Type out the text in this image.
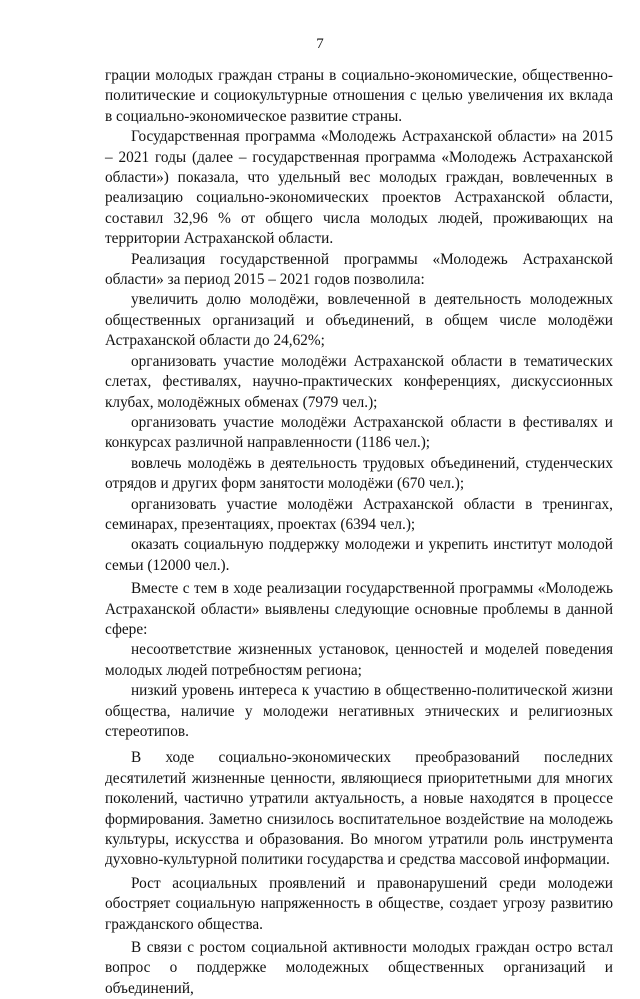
7

грации молодых граждан страны в социально-экономические, общественно-политические и социокультурные отношения с целью увеличения их вклада в социально-экономическое развитие страны.

Государственная программа «Молодежь Астраханской области» на 2015 – 2021 годы (далее – государственная программа «Молодежь Астраханской области») показала, что удельный вес молодых граждан, вовлеченных в реализацию социально-экономических проектов Астраханской области, составил 32,96 % от общего числа молодых людей, проживающих на территории Астраханской области.

Реализация государственной программы «Молодежь Астраханской области» за период 2015 – 2021 годов позволила:

увеличить долю молодёжи, вовлеченной в деятельность молодежных общественных организаций и объединений, в общем числе молодёжи Астраханской области до 24,62%;

организовать участие молодёжи Астраханской области в тематических слетах, фестивалях, научно-практических конференциях, дискуссионных клубах, молодёжных обменах (7979 чел.);

организовать участие молодёжи Астраханской области в фестивалях и конкурсах различной направленности (1186 чел.);

вовлечь молодёжь в деятельность трудовых объединений, студенческих отрядов и других форм занятости молодёжи (670 чел.);

организовать участие молодёжи Астраханской области в тренингах, семинарах, презентациях, проектах (6394 чел.);

оказать социальную поддержку молодежи и укрепить институт молодой семьи (12000 чел.).

Вместе с тем в ходе реализации государственной программы «Молодежь Астраханской области» выявлены следующие основные проблемы в данной сфере:

несоответствие жизненных установок, ценностей и моделей поведения молодых людей потребностям региона;

низкий уровень интереса к участию в общественно-политической жизни общества, наличие у молодежи негативных этнических и религиозных стереотипов.

В ходе социально-экономических преобразований последних десятилетий жизненные ценности, являющиеся приоритетными для многих поколений, частично утратили актуальность, а новые находятся в процессе формирования. Заметно снизилось воспитательное воздействие на молодежь культуры, искусства и образования. Во многом утратили роль инструмента духовно-культурной политики государства и средства массовой информации.

Рост асоциальных проявлений и правонарушений среди молодежи обостряет социальную напряженность в обществе, создает угрозу развитию гражданского общества.

В связи с ростом социальной активности молодых граждан остро встал вопрос о поддержке молодежных общественных организаций и объединений,
